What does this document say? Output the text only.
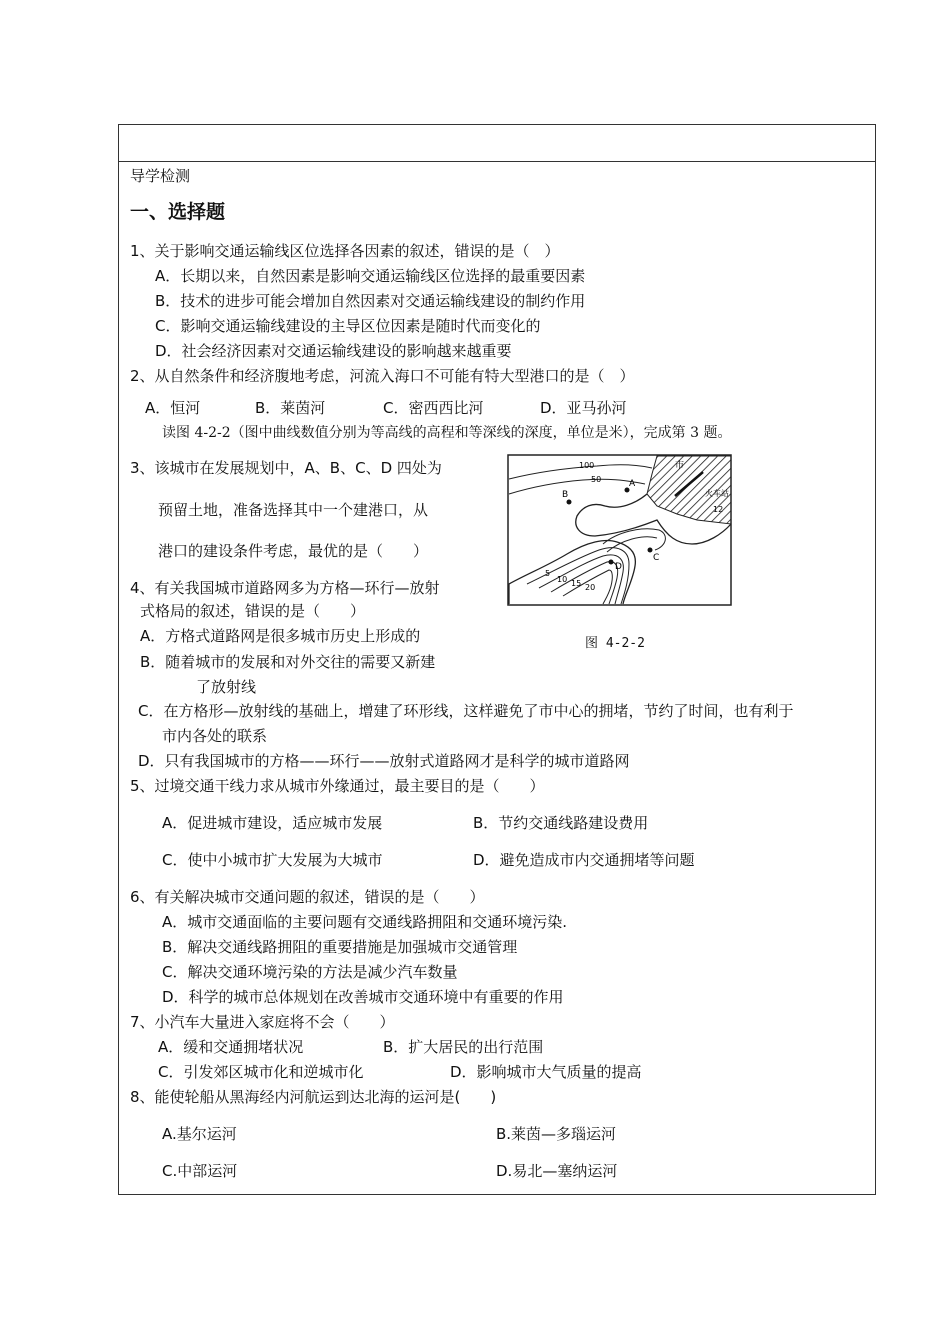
导学检测
一、选择题
1、关于影响交通运输线区位选择各因素的叙述，错误的是（　）
A．长期以来，自然因素是影响交通运输线区位选择的最重要因素
B．技术的进步可能会增加自然因素对交通运输线建设的制约作用
C．影响交通运输线建设的主导区位因素是随时代而变化的
D．社会经济因素对交通运输线建设的影响越来越重要
2、从自然条件和经济腹地考虑，河流入海口不可能有特大型港口的是（　）
A．恒河	B．莱茵河	C．密西西比河	D．亚马孙河
读图 4-2-2（图中曲线数值分别为等高线的高程和等深线的深度，单位是米），完成第 3 题。
3、该城市在发展规划中，A、B、C、D 四处为
预留土地，准备选择其中一个建港口，从
港口的建设条件考虑，最优的是（　　）
A
B
C
D
市
火车站
100
50
12
5
10 15 20
图 4-2-2
4、有关我国城市道路网多为方格—环行—放射
式格局的叙述，错误的是（　　）
A．方格式道路网是很多城市历史上形成的
B．随着城市的发展和对外交往的需要又新建
了放射线
C．在方格形—放射线的基础上，增建了环形线，这样避免了市中心的拥堵，节约了时间，也有利于
市内各处的联系
D．只有我国城市的方格——环行——放射式道路网才是科学的城市道路网
5、过境交通干线力求从城市外缘通过，最主要目的是（　　）
A．促进城市建设，适应城市发展	B．节约交通线路建设费用
C．使中小城市扩大发展为大城市	D．避免造成市内交通拥堵等问题
6、有关解决城市交通问题的叙述，错误的是（　　）
A．城市交通面临的主要问题有交通线路拥阻和交通环境污染.
B．解决交通线路拥阻的重要措施是加强城市交通管理
C．解决交通环境污染的方法是减少汽车数量
D．科学的城市总体规划在改善城市交通环境中有重要的作用
7、小汽车大量进入家庭将不会（　　）
A．缓和交通拥堵状况	B．扩大居民的出行范围
C．引发郊区城市化和逆城市化	D．影响城市大气质量的提高
8、能使轮船从黑海经内河航运到达北海的运河是(　　)
A.基尔运河	B.莱茵—多瑙运河
C.中部运河	D.易北—塞纳运河
